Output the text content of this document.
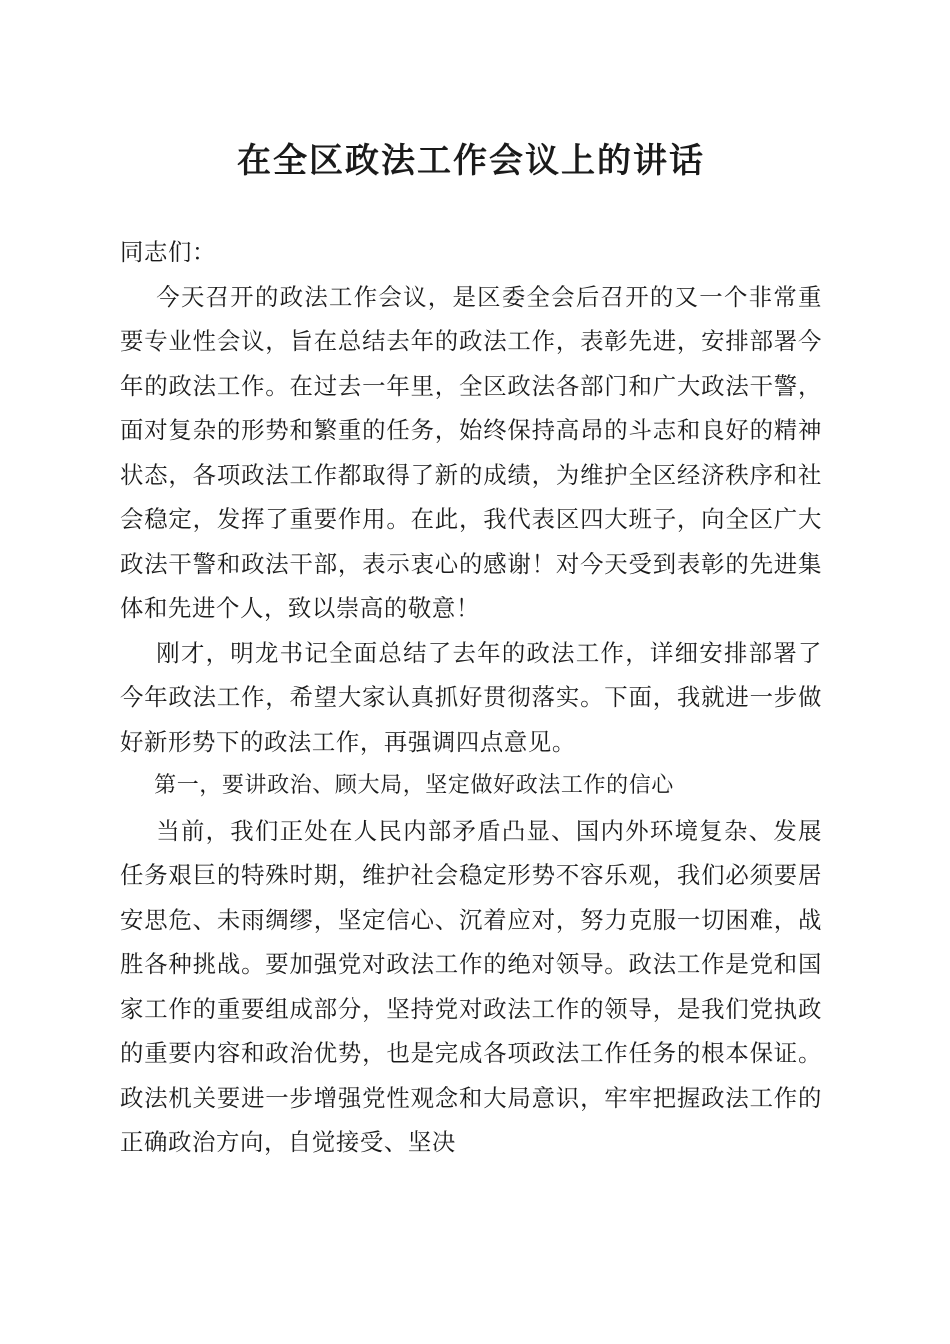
在全区政法工作会议上的讲话

同志们：

今天召开的政法工作会议，是区委全会后召开的又一个非常重要专业性会议，旨在总结去年的政法工作，表彰先进，安排部署今年的政法工作。在过去一年里，全区政法各部门和广大政法干警，面对复杂的形势和繁重的任务，始终保持高昂的斗志和良好的精神状态，各项政法工作都取得了新的成绩，为维护全区经济秩序和社会稳定，发挥了重要作用。在此，我代表区四大班子，向全区广大政法干警和政法干部，表示衷心的感谢！对今天受到表彰的先进集体和先进个人，致以崇高的敬意！

刚才，明龙书记全面总结了去年的政法工作，详细安排部署了今年政法工作，希望大家认真抓好贯彻落实。下面，我就进一步做好新形势下的政法工作，再强调四点意见。

第一，要讲政治、顾大局，坚定做好政法工作的信心

当前，我们正处在人民内部矛盾凸显、国内外环境复杂、发展任务艰巨的特殊时期，维护社会稳定形势不容乐观，我们必须要居安思危、未雨绸缪，坚定信心、沉着应对，努力克服一切困难，战胜各种挑战。要加强党对政法工作的绝对领导。政法工作是党和国家工作的重要组成部分，坚持党对政法工作的领导，是我们党执政的重要内容和政治优势，也是完成各项政法工作任务的根本保证。政法机关要进一步增强党性观念和大局意识，牢牢把握政法工作的正确政治方向，自觉接受、坚决
